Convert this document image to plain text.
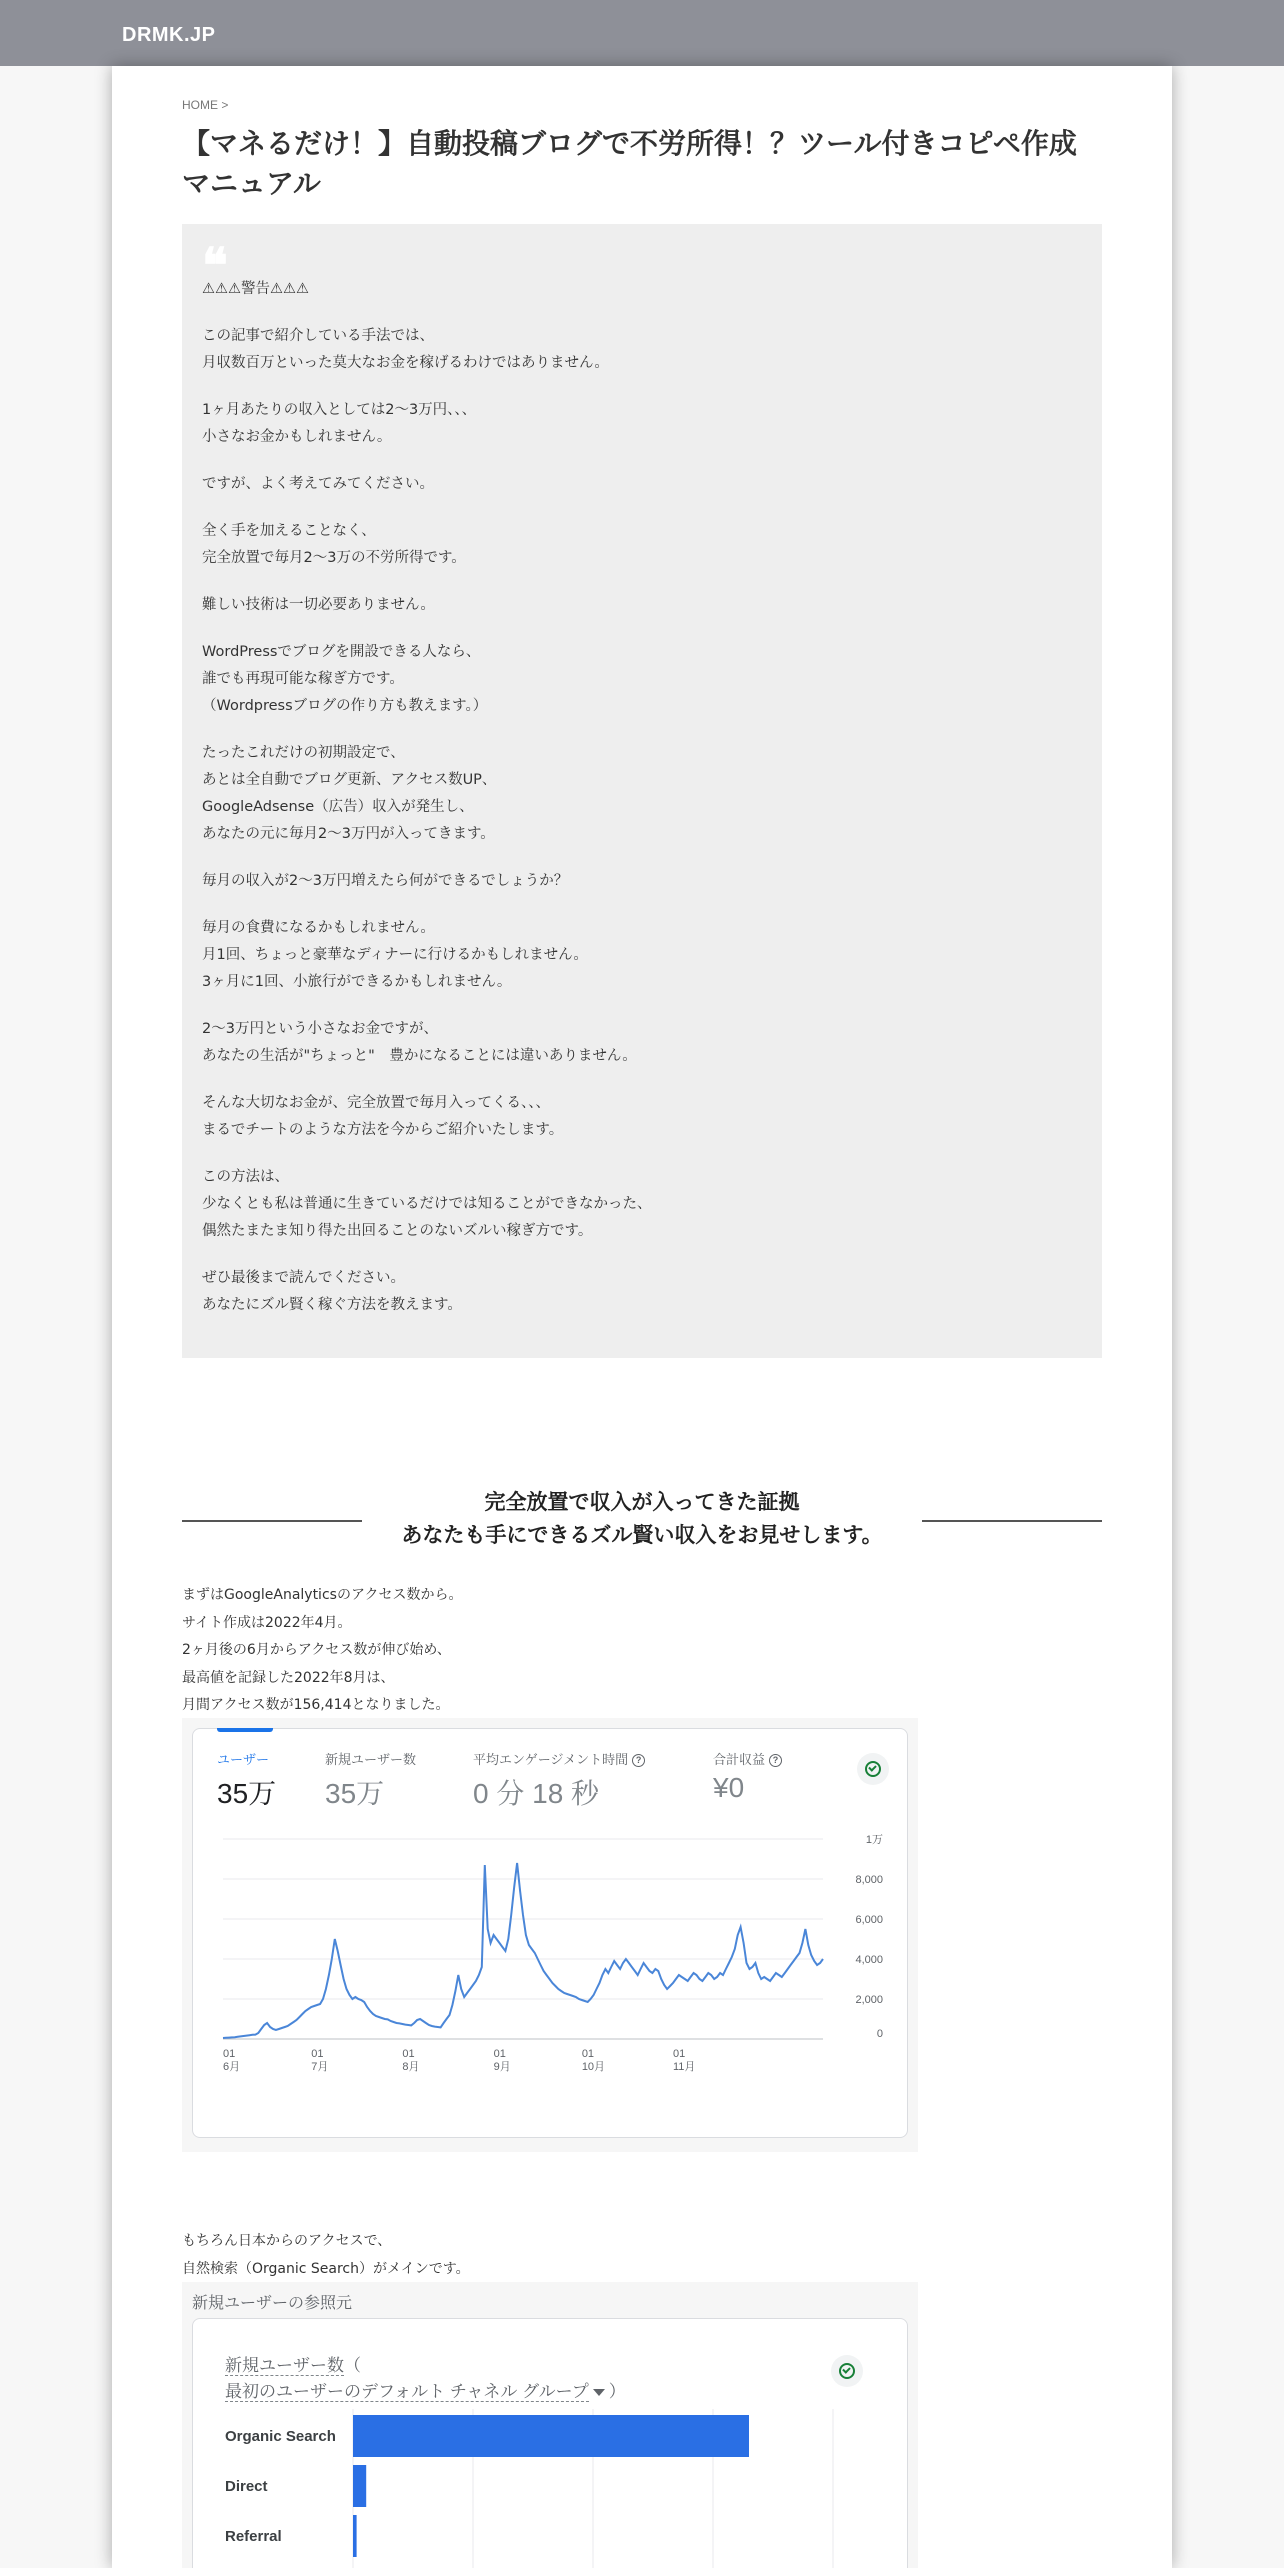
DRMK.JP
HOME >
【マネるだけ！】自動投稿ブログで不労所得！？ツール付きコピペ作成マニュアル
❝

⚠⚠⚠警告⚠⚠⚠

この記事で紹介している手法では、
月収数百万といった莫大なお金を稼げるわけではありません。

1ヶ月あたりの収入としては2〜3万円、、、
小さなお金かもしれません。

ですが、よく考えてみてください。

全く手を加えることなく、
完全放置で毎月2〜3万の不労所得です。

難しい技術は一切必要ありません。

WordPressでブログを開設できる人なら、
誰でも再現可能な稼ぎ方です。
（Wordpressブログの作り方も教えます。）

たったこれだけの初期設定で、
あとは全自動でブログ更新、アクセス数UP、
GoogleAdsense（広告）収入が発生し、
あなたの元に毎月2〜3万円が入ってきます。

毎月の収入が2〜3万円増えたら何ができるでしょうか？

毎月の食費になるかもしれません。
月1回、ちょっと豪華なディナーに行けるかもしれません。
3ヶ月に1回、小旅行ができるかもしれません。

2〜3万円という小さなお金ですが、
あなたの生活が"ちょっと"　豊かになることには違いありません。

そんな大切なお金が、完全放置で毎月入ってくる、、、
まるでチートのような方法を今からご紹介いたします。

この方法は、
少なくとも私は普通に生きているだけでは知ることができなかった、
偶然たまたま知り得た出回ることのないズルい稼ぎ方です。

ぜひ最後まで読んでください。
あなたにズル賢く稼ぐ方法を教えます。

完全放置で収入が入ってきた証拠
あなたも手にできるズル賢い収入をお見せします。
まずはGoogleAnalyticsのアクセス数から。
サイト作成は2022年4月。
2ヶ月後の6月からアクセス数が伸び始め、
最高値を記録した2022年8月は、
月間アクセス数が156,414となりました。
ユーザー
35万
新規ユーザー数
35万
平均エンゲージメント時間 ?
0 分 18 秒
合計収益 ?
¥0
1万
8,000
6,000
4,000
2,000
0
01
6月
01
7月
01
8月
01
9月
01
10月
01
11月
もちろん日本からのアクセスで、
自然検索（Organic Search）がメインです。
新規ユーザーの参照元
新規ユーザー数（
最初のユーザーのデフォルト チャネル グループ ）
Organic Search
Direct
Referral
